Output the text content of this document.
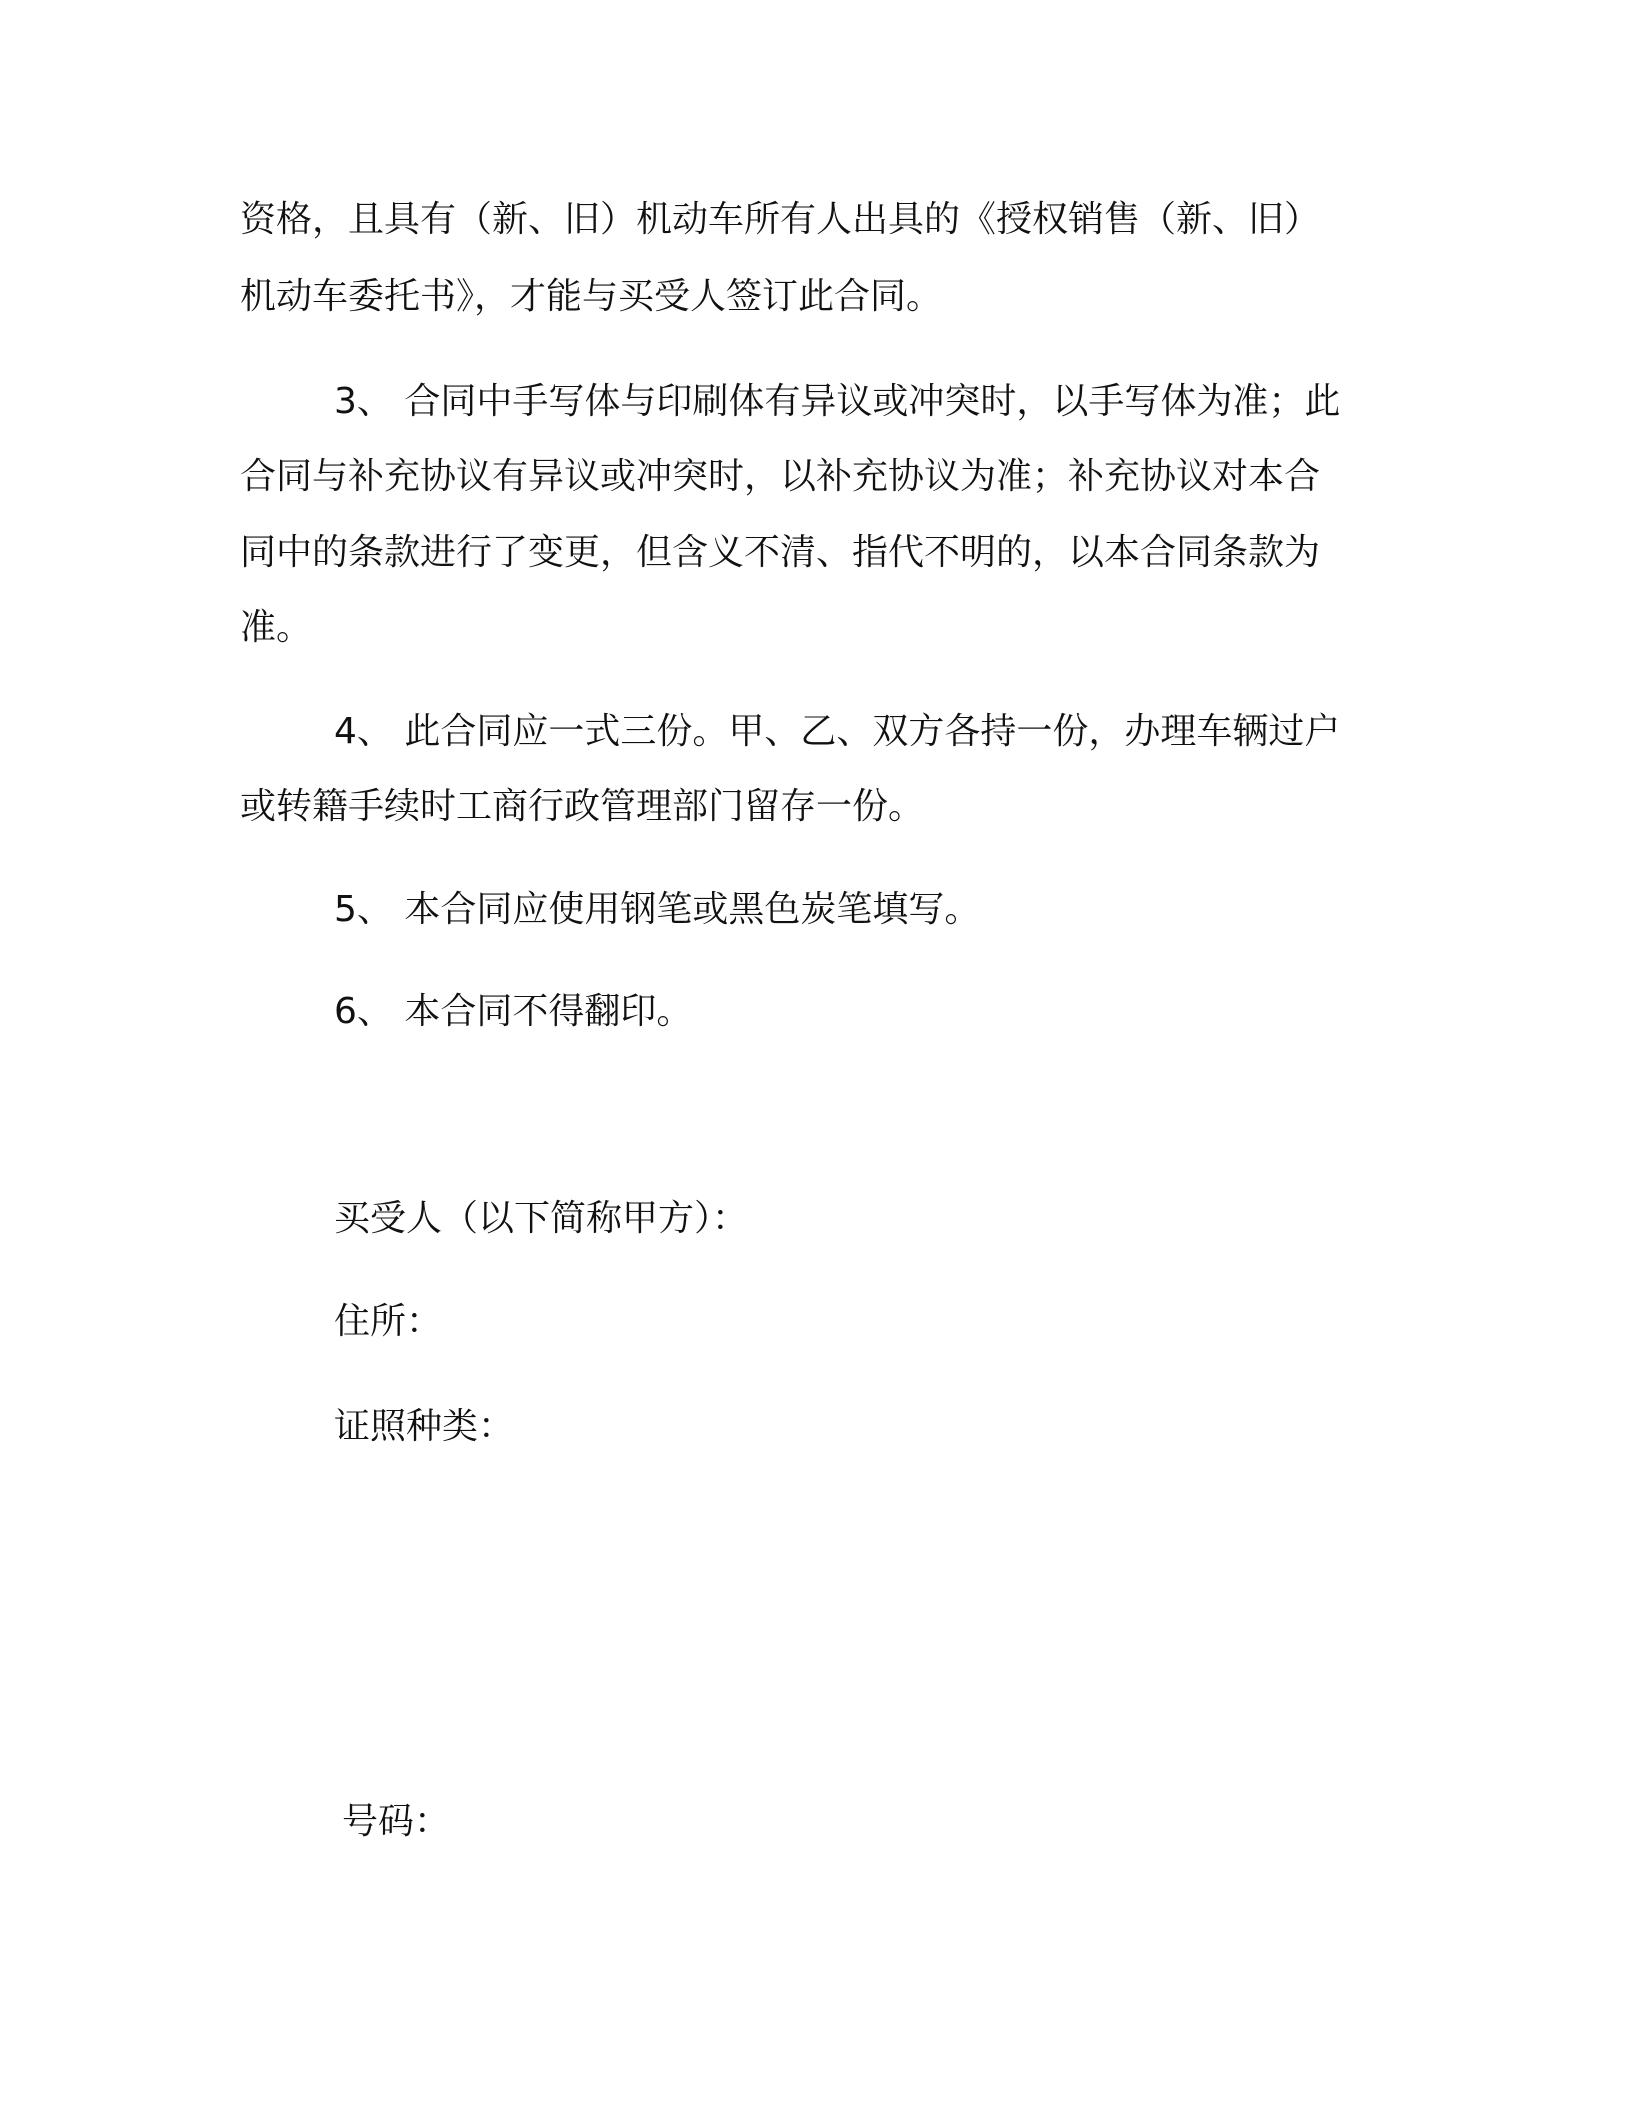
资格，且具有（新、旧）机动车所有人出具的《授权销售（新、旧）
机动车委托书》，才能与买受人签订此合同。
3、 合同中手写体与印刷体有异议或冲突时，以手写体为准；此
合同与补充协议有异议或冲突时，以补充协议为准；补充协议对本合
同中的条款进行了变更，但含义不清、指代不明的，以本合同条款为
准。
4、 此合同应一式三份。甲、乙、双方各持一份，办理车辆过户
或转籍手续时工商行政管理部门留存一份。
5、 本合同应使用钢笔或黑色炭笔填写。
6、 本合同不得翻印。
买受人（以下简称甲方）：
住所：
证照种类：
号码：
